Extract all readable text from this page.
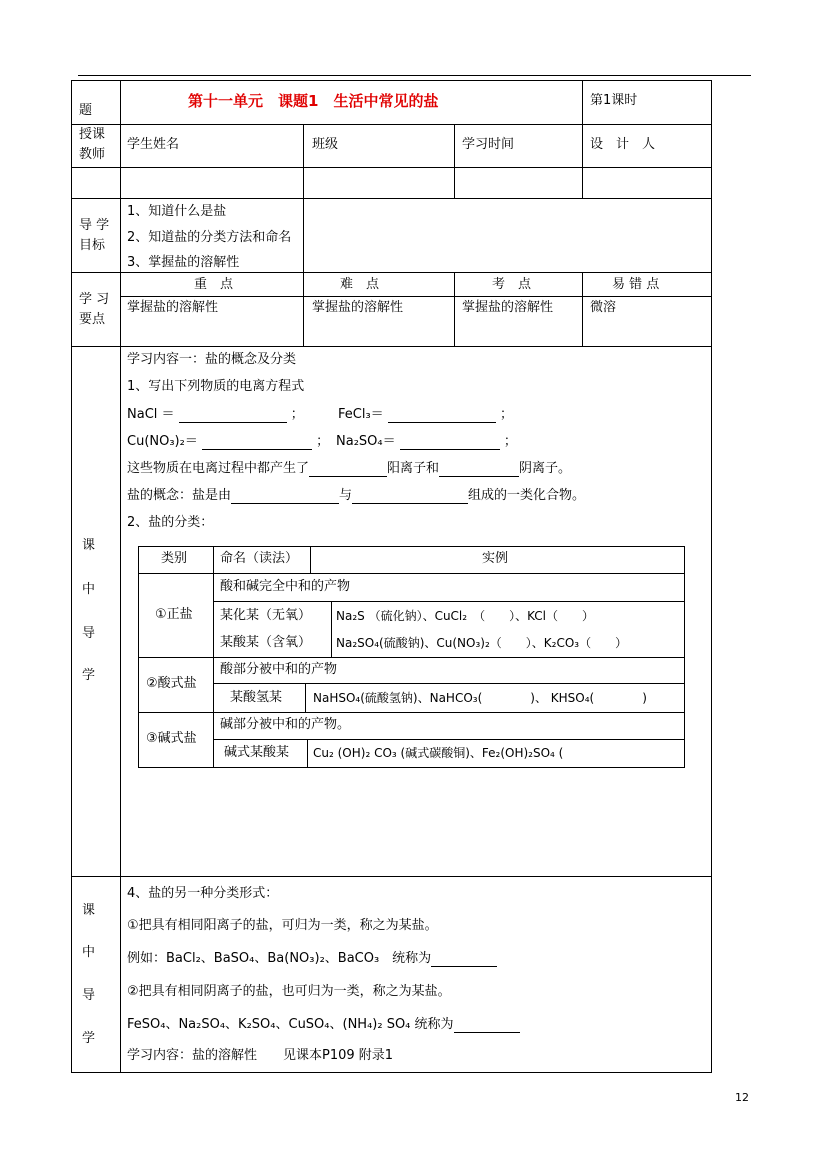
题
第十一单元　课题1　生活中常见的盐	第1课时
授课
教师
学生姓名	班级	学习时间	设　计　人
导 学
目标
1、知道什么是盐
2、知道盐的分类方法和命名
3、掌握盐的溶解性
学 习
要点
重　点	难　点	考　点	易 错 点
掌握盐的溶解性	掌握盐的溶解性	掌握盐的溶解性	微溶
课
中
导
学
学习内容一：盐的概念及分类
1、写出下列物质的电离方程式
NaCl ＝	；	FeCl₃＝	；
Cu(NO₃)₂＝	； Na₂SO₄＝	；
这些物质在电离过程中都产生了	阳离子和	阴离子。
盐的概念：盐是由	与	组成的一类化合物。
2、盐的分类：
类别	命名（读法）	实例
①正盐
酸和碱完全中和的产物
某化某（无氧） Na₂S （硫化钠）、CuCl₂　（　　）、KCl（　　）
某酸某（含氧） Na₂SO₄(硫酸钠)、Cu(NO₃)₂（　　）、K₂CO₃（　　）
②酸式盐
酸部分被中和的产物
某酸氢某	NaHSO₄(硫酸氢钠)、NaHCO₃(　　　　)、 KHSO₄(　　　　)
③碱式盐
碱部分被中和的产物。
碱式某酸某 Cu₂ (OH)₂ CO₃ (碱式碳酸铜)、Fe₂(OH)₂SO₄ (
课
中
导
学
4、盐的另一种分类形式：
①把具有相同阳离子的盐，可归为一类，称之为某盐。
例如：BaCl₂、BaSO₄、Ba(NO₃)₂、BaCO₃　统称为
②把具有相同阴离子的盐，也可归为一类，称之为某盐。
FeSO₄、Na₂SO₄、K₂SO₄、CuSO₄、(NH₄)₂ SO₄ 统称为
学习内容：盐的溶解性　　见课本P109 附录1
12
